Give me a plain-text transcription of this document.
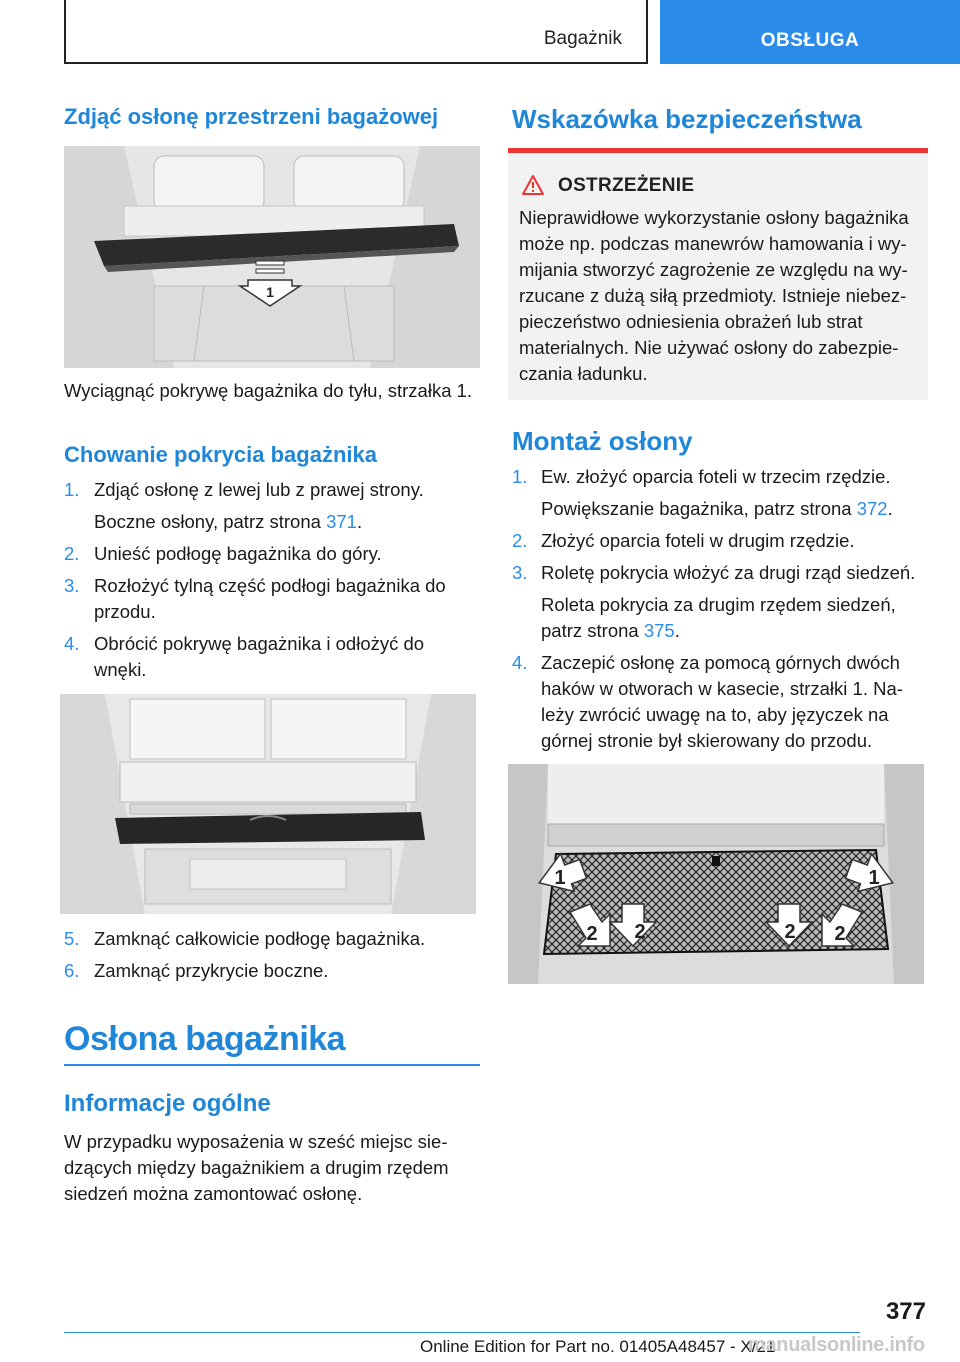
Bagażnik	OBSŁUGA
Zdjąć osłonę przestrzeni bagażowej
1

Wyciągnąć pokrywę bagażnika do tyłu, strzałka 1.

Chowanie pokrycia bagażnika
1. Zdjąć osłonę z lewej lub z prawej strony.

Boczne osłony, patrz strona 371.

2. Unieść podłogę bagażnika do góry.

3. Rozłożyć tylną część podłogi bagażnika do

przodu.

4. Obrócić pokrywę bagażnika i odłożyć do

wnęki.

5. Zamknąć całkowicie podłogę bagażnika.

6. Zamknąć przykrycie boczne.

Osłona bagażnika
Informacje ogólne

W przypadku wyposażenia w sześć miejsc sie-

dzących między bagażnikiem a drugim rzędem

siedzeń można zamontować osłonę.

Wskazówka bezpieczeństwa
OSTRZEŻENIE

Nieprawidłowe wykorzystanie osłony bagażnika

może np. podczas manewrów hamowania i wy-

mijania stworzyć zagrożenie ze względu na wy-

rzucane z dużą siłą przedmioty. Istnieje niebez-

pieczeństwo odniesienia obrażeń lub strat

materialnych. Nie używać osłony do zabezpie-

czania ładunku.

Montaż osłony
1. Ew. złożyć oparcia foteli w trzecim rzędzie.

Powiększanie bagażnika, patrz strona 372.

2. Złożyć oparcia foteli w drugim rzędzie.

3. Roletę pokrycia włożyć za drugi rząd siedzeń.

Roleta pokrycia za drugim rzędem siedzeń,

patrz strona 375.

4. Zaczepić osłonę za pomocą górnych dwóch

haków w otworach w kasecie, strzałki 1. Na-

leży zwrócić uwagę na to, aby języczek na

górnej stronie był skierowany do przodu.

1
2 2
1
2 2
377
Online Edition for Part no. 01405A48457 - X/21
manualsonline.info
